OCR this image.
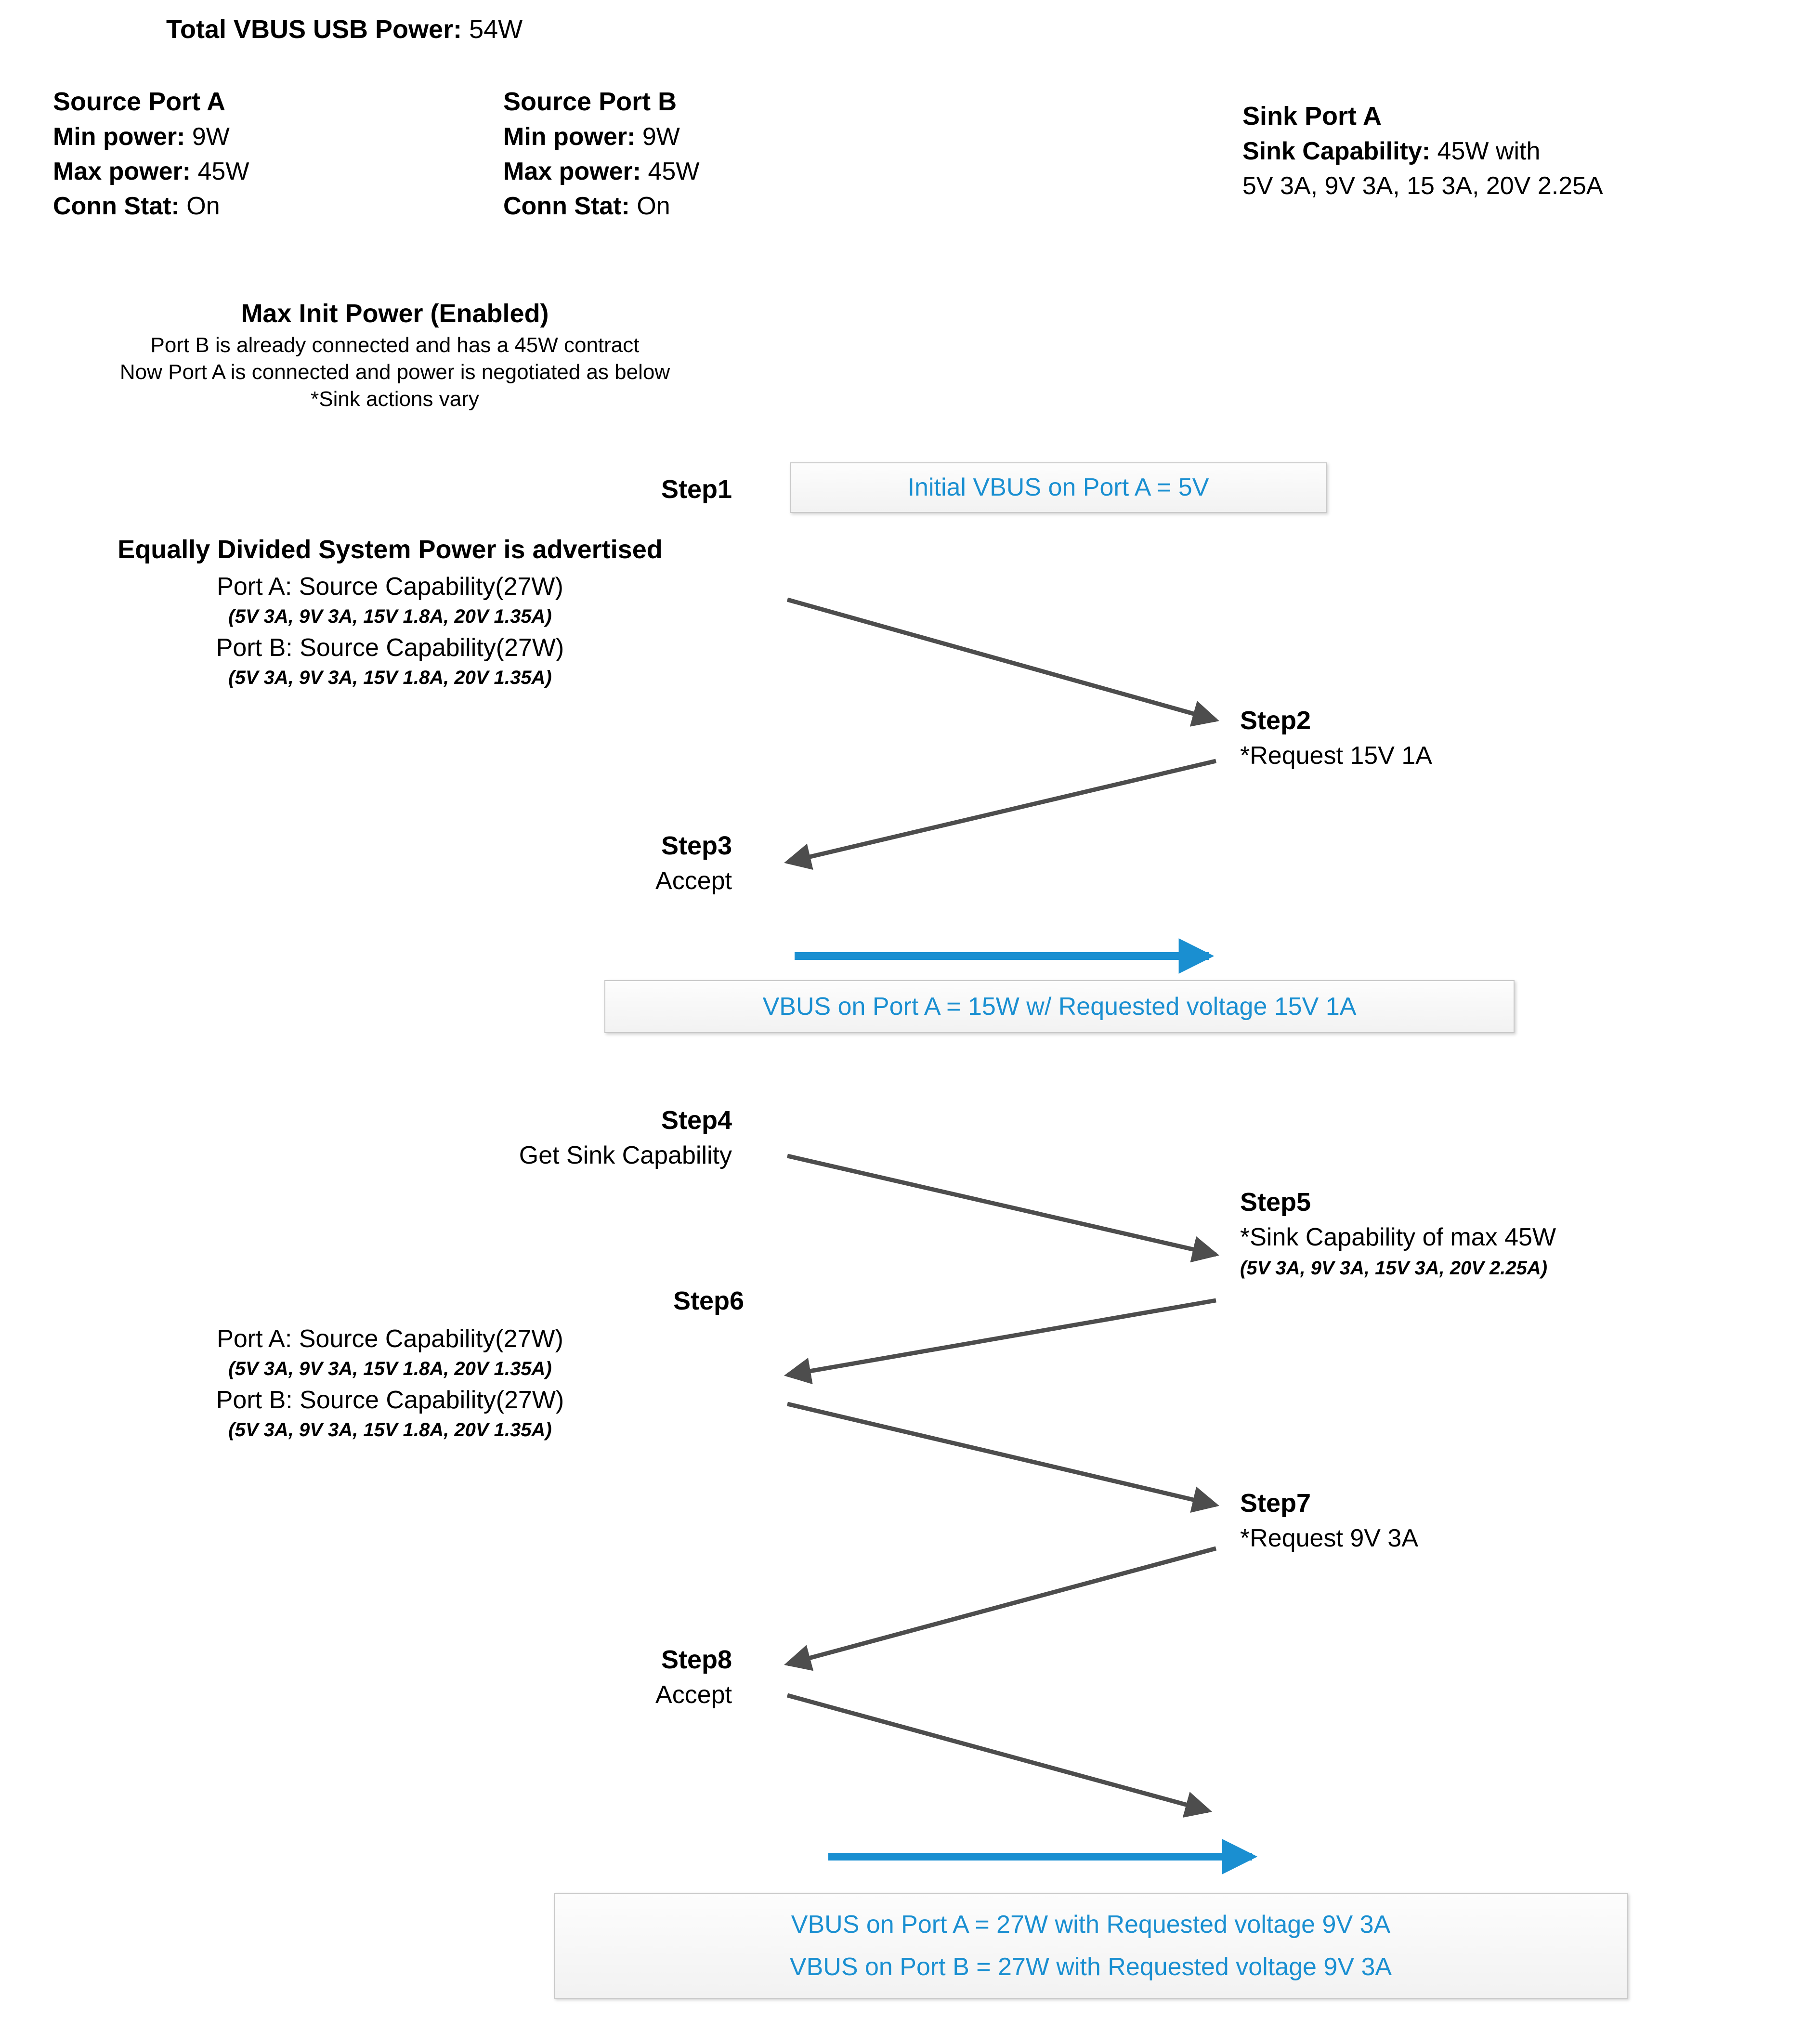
Total VBUS USB Power: 54W
Source Port A
Min power: 9W
Max power: 45W
Conn Stat: On
Source Port B
Min power: 9W
Max power: 45W
Conn Stat: On
Sink Port A
Sink Capability: 45W with
5V 3A, 9V 3A, 15 3A, 20V 2.25A
Max Init Power (Enabled)
Port B is already connected and has a 45W contract
Now Port A is connected and power is negotiated as below
*Sink actions vary
Step1	Initial VBUS on Port A = 5V
Equally Divided System Power is advertised
Port A: Source Capability(27W)
(5V 3A, 9V 3A, 15V 1.8A, 20V 1.35A)
Port B: Source Capability(27W)
(5V 3A, 9V 3A, 15V 1.8A, 20V 1.35A)
Step2
*Request 15V 1A
Step3
Accept
VBUS on Port A = 15W w/ Requested voltage 15V 1A
Step4
Get Sink Capability
Step5
*Sink Capability of max 45W
(5V 3A, 9V 3A, 15V 3A, 20V 2.25A)
Step6
Port A: Source Capability(27W)
(5V 3A, 9V 3A, 15V 1.8A, 20V 1.35A)
Port B: Source Capability(27W)
(5V 3A, 9V 3A, 15V 1.8A, 20V 1.35A)
Step7
*Request 9V 3A
Step8
Accept
VBUS on Port A = 27W with Requested voltage 9V 3A
VBUS on Port B = 27W with Requested voltage 9V 3A
